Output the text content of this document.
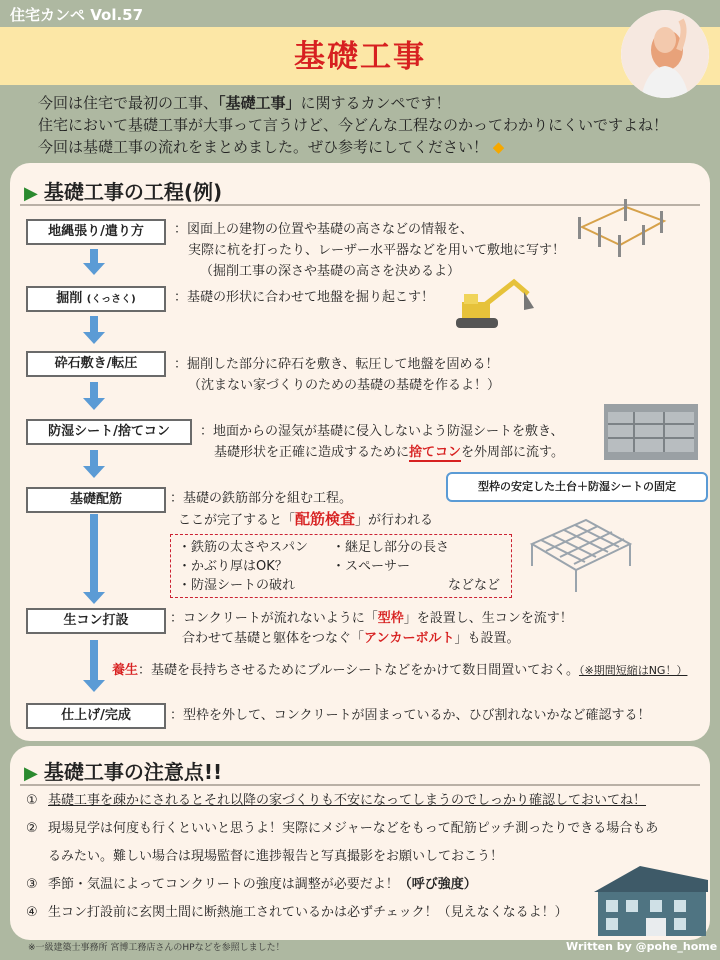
住宅カンペ Vol.57
基礎工事
今回は住宅で最初の工事、「基礎工事」に関するカンペです！
住宅において基礎工事が大事って言うけど、今どんな工程なのかってわかりにくいですよね！
今回は基礎工事の流れをまとめました。ぜひ参考にしてください！ ◆
▶ 基礎工事の工程(例)
地縄張り/遣り方	：図面上の建物の位置や基礎の高さなどの情報を、
実際に杭を打ったり、レーザー水平器などを用いて敷地に写す！
（掘削工事の深さや基礎の高さを決めるよ）
掘削 (くっさく)	：基礎の形状に合わせて地盤を掘り起こす！
砕石敷き/転圧	：掘削した部分に砕石を敷き、転圧して地盤を固める！
（沈まない家づくりのための基礎の基礎を作るよ！）
防湿シート/捨てコン	：地面からの湿気が基礎に侵入しないよう防湿シートを敷き、
基礎形状を正確に造成するために捨てコンを外周部に流す。
型枠の安定した土台＋防湿シートの固定
基礎配筋	：基礎の鉄筋部分を組む工程。
ここが完了すると「配筋検査」が行われる
・鉄筋の太さやスパン ・継足し部分の長さ
・かぶり厚はOK？	・スペーサー
・防湿シートの破れ	などなど
生コン打設	：コンクリートが流れないように「型枠」を設置し、生コンを流す！
合わせて基礎と躯体をつなぐ「アンカーボルト」も設置。
養生：基礎を長持ちさせるためにブルーシートなどをかけて数日間置いておく。（※期間短縮はNG！）
仕上げ/完成	：型枠を外して、コンクリートが固まっているか、ひび割れないかなど確認する！
▶ 基礎工事の注意点!!
① 基礎工事を疎かにされるとそれ以降の家づくりも不安になってしまうのでしっかり確認しておいてね！
② 現場見学は何度も行くといいと思うよ！実際にメジャーなどをもって配筋ピッチ測ったりできる場合もあ
るみたい。難しい場合は現場監督に進捗報告と写真撮影をお願いしておこう！
③ 季節・気温によってコンクリートの強度は調整が必要だよ！（呼び強度）
④ 生コン打設前に玄関土間に断熱施工されているかは必ずチェック！（見えなくなるよ！）
※一級建築士事務所 宮博工務店さんのHPなどを参照しました！	Written by @pohe_home
